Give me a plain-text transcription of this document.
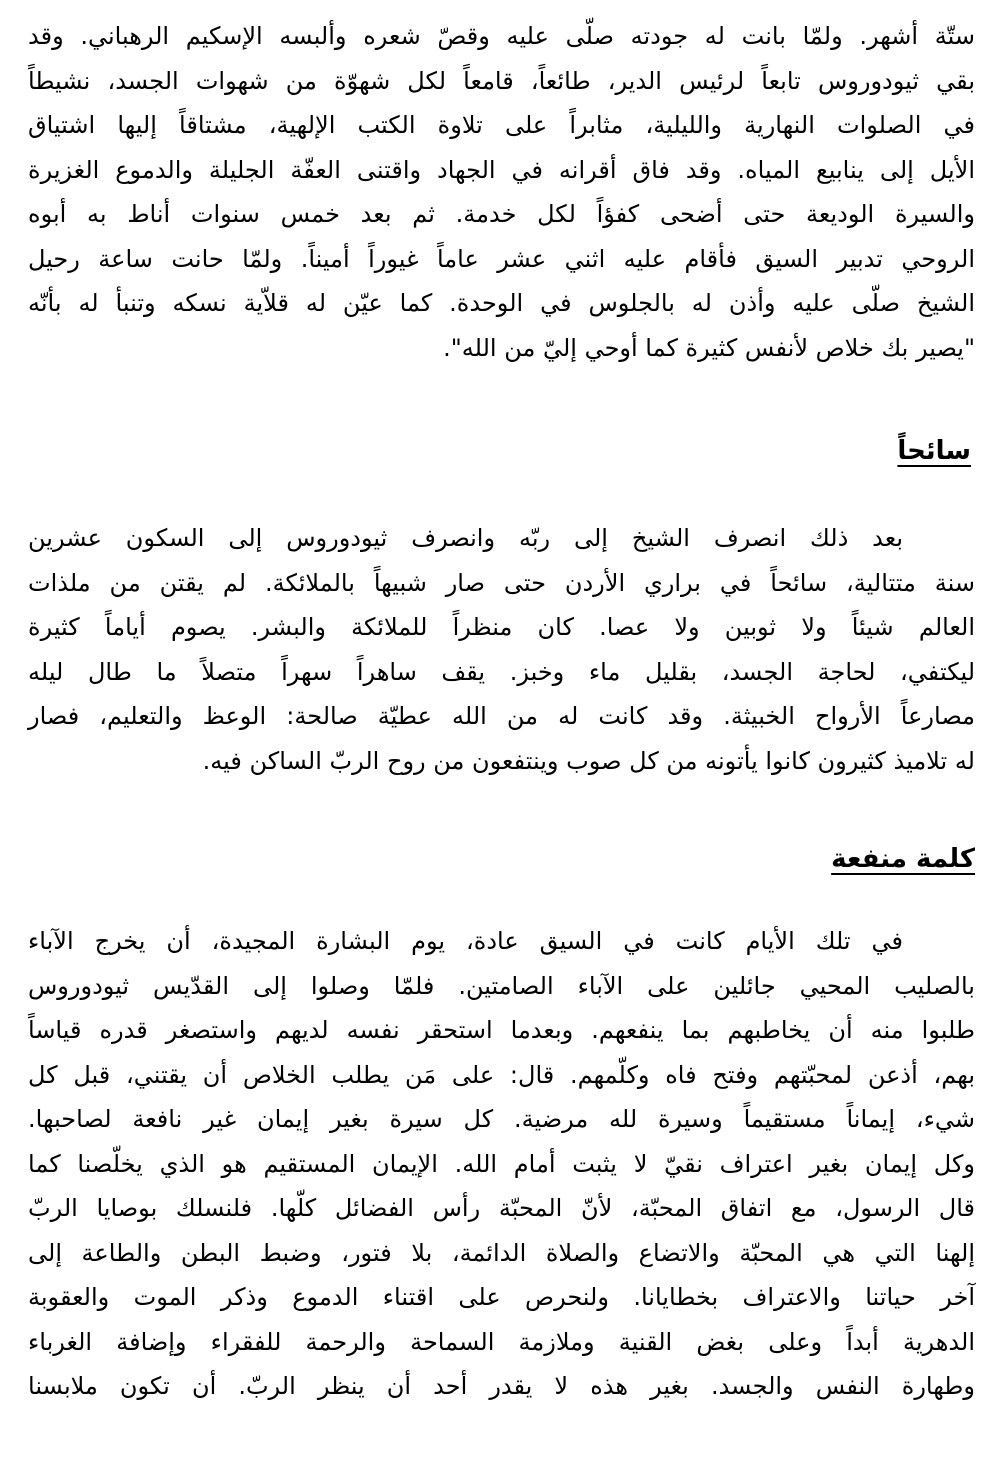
ستّة أشهر. ولمّا بانت له جودته صلّى عليه وقصّ شعره وألبسه الإسكيم الرهباني. وقد
بقي ثيودوروس تابعاً لرئيس الدير، طائعاً، قامعاً لكل شهوّة من شهوات الجسد، نشيطاً
في الصلوات النهارية والليلية، مثابراً على تلاوة الكتب الإلهية، مشتاقاً إليها اشتياق
الأيل إلى ينابيع المياه. وقد فاق أقرانه في الجهاد واقتنى العفّة الجليلة والدموع الغزيرة
والسيرة الوديعة حتى أضحى كفؤاً لكل خدمة. ثم بعد خمس سنوات أناط به أبوه
الروحي تدبير السيق فأقام عليه اثني عشر عاماً غيوراً أميناً. ولمّا حانت ساعة رحيل
الشيخ صلّى عليه وأذن له بالجلوس في الوحدة. كما عيّن له قلاّية نسكه وتنبأ له بأنّه
"يصير بك خلاص لأنفس كثيرة كما أوحي إليّ من الله".
سائحاً
بعد ذلك انصرف الشيخ إلى ربّه وانصرف ثيودوروس إلى السكون عشرين
سنة متتالية، سائحاً في براري الأردن حتى صار شبيهاً بالملائكة. لم يقتن من ملذات
العالم شيئاً ولا ثوبين ولا عصا. كان منظراً للملائكة والبشر. يصوم أياماً كثيرة
ليكتفي، لحاجة الجسد، بقليل ماء وخبز. يقف ساهراً سهراً متصلاً ما طال ليله
مصارعاً الأرواح الخبيثة. وقد كانت له من الله عطيّة صالحة: الوعظ والتعليم، فصار
له تلاميذ كثيرون كانوا يأتونه من كل صوب وينتفعون من روح الربّ الساكن فيه.
كلمة منفعة
في تلك الأيام كانت في السيق عادة، يوم البشارة المجيدة، أن يخرج الآباء
بالصليب المحيي جائلين على الآباء الصامتين. فلمّا وصلوا إلى القدّيس ثيودوروس
طلبوا منه أن يخاطبهم بما ينفعهم. وبعدما استحقر نفسه لديهم واستصغر قدره قياساً
بهم، أذعن لمحبّتهم وفتح فاه وكلّمهم. قال: على مَن يطلب الخلاص أن يقتني، قبل كل
شيء، إيماناً مستقيماً وسيرة لله مرضية. كل سيرة بغير إيمان غير نافعة لصاحبها.
وكل إيمان بغير اعتراف نقيّ لا يثبت أمام الله. الإيمان المستقيم هو الذي يخلّصنا كما
قال الرسول، مع اتفاق المحبّة، لأنّ المحبّة رأس الفضائل كلّها. فلنسلك بوصايا الربّ
إلهنا التي هي المحبّة والاتضاع والصلاة الدائمة، بلا فتور، وضبط البطن والطاعة إلى
آخر حياتنا والاعتراف بخطايانا. ولنحرص على اقتناء الدموع وذكر الموت والعقوبة
الدهرية أبداً وعلى بغض القنية وملازمة السماحة والرحمة للفقراء وإضافة الغرباء
وطهارة النفس والجسد. بغير هذه لا يقدر أحد أن ينظر الربّ. أن تكون ملابسنا
